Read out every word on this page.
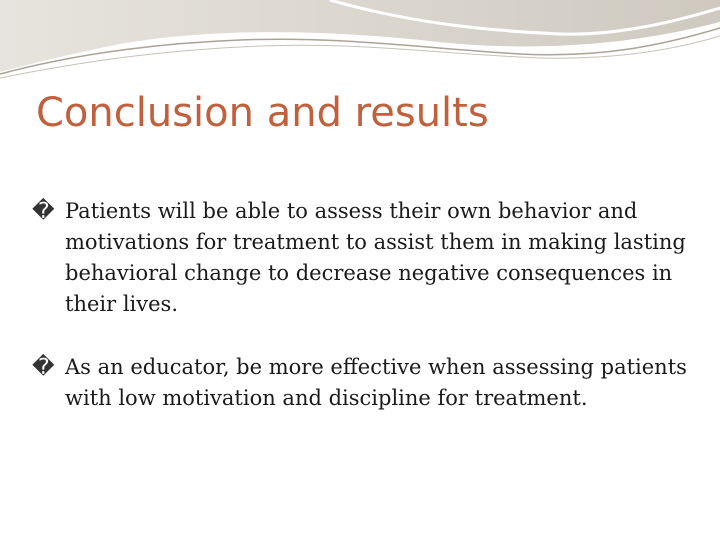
Conclusion and results
� Patients will be able to assess their own behavior and motivations for treatment to assist them in making lasting behavioral change to decrease negative consequences in their lives.
� As an educator, be more effective when assessing patients with low motivation and discipline for treatment.
